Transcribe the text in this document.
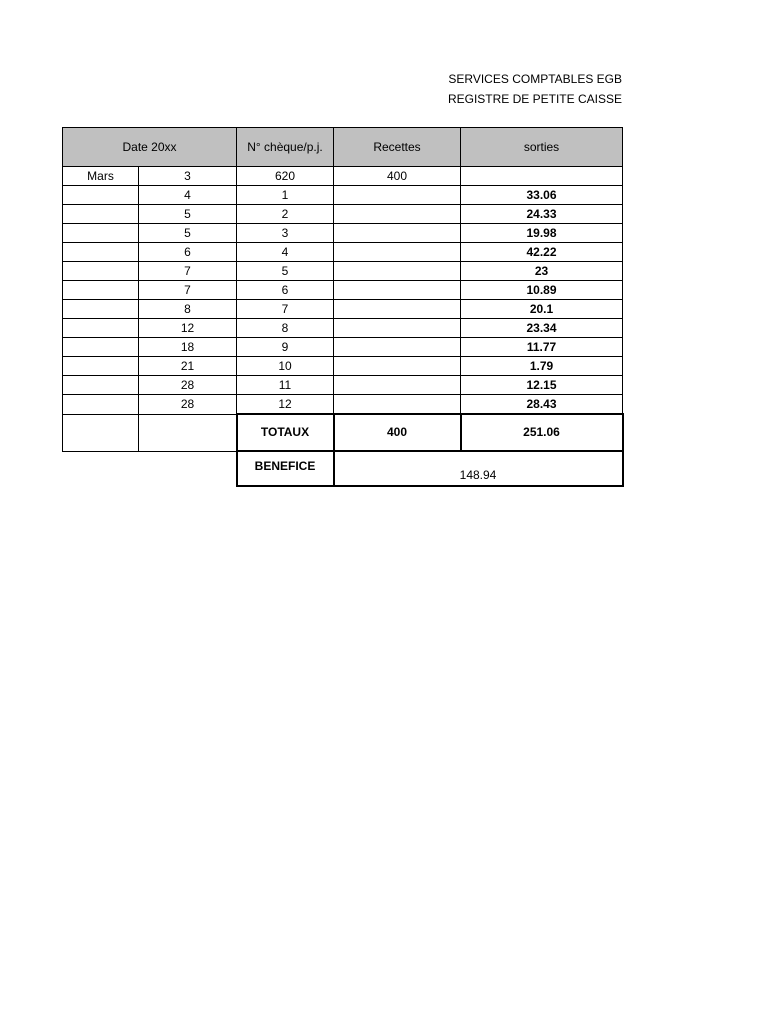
SERVICES COMPTABLES EGB
REGISTRE DE PETITE CAISSE
Date 20xx		N° chèque/p.j.	Recettes	sorties
Mars	3	620	400	
	4	1		33.06
	5	2		24.33
	5	3		19.98
	6	4		42.22
	7	5		23
	7	6		10.89
	8	7		20.1
	12	8		23.34
	18	9		11.77
	21	10		1.79
	28	11		12.15
	28	12		28.43
		TOTAUX	400	251.06
		BENEFICE	148.94	
